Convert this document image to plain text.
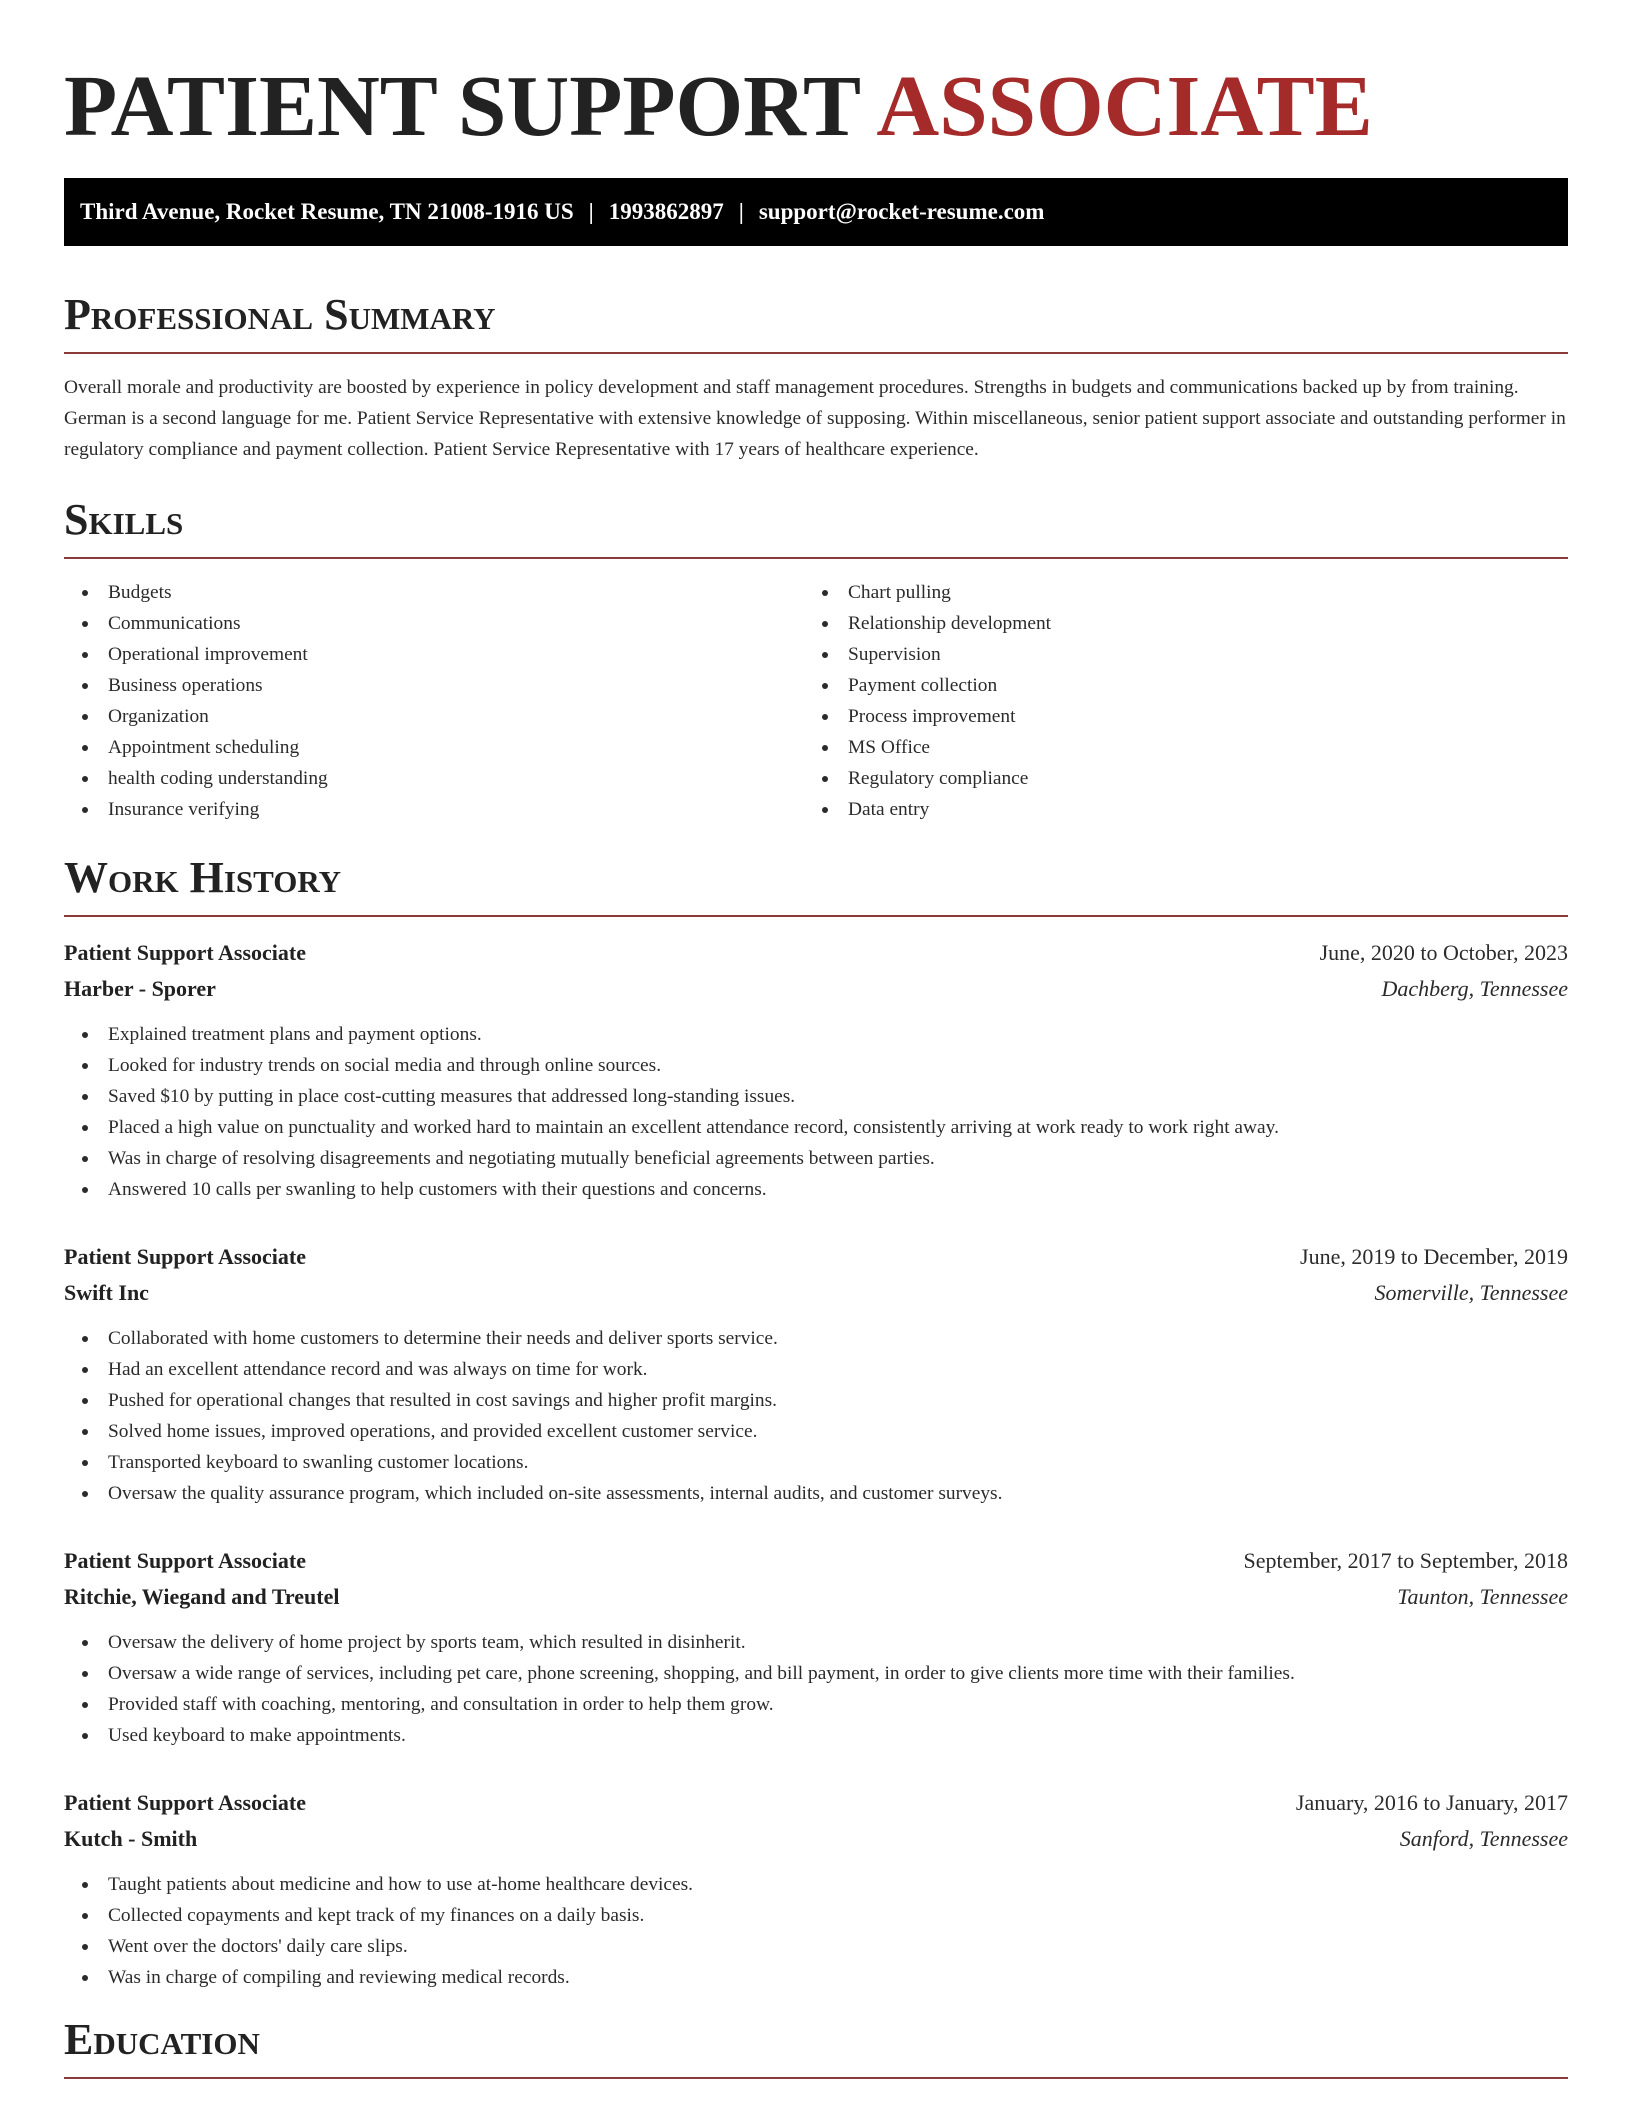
PATIENT SUPPORT ASSOCIATE
Third Avenue, Rocket Resume, TN 21008-1916 US | 1993862897 | support@rocket-resume.com
Professional Summary

Overall morale and productivity are boosted by experience in policy development and staff management procedures. Strengths in budgets and communications backed up by from training. German is a second language for me. Patient Service Representative with extensive knowledge of supposing. Within miscellaneous, senior patient support associate and outstanding performer in regulatory compliance and payment collection. Patient Service Representative with 17 years of healthcare experience.

Skills
Budgets
Communications
Operational improvement
Business operations
Organization
Appointment scheduling
health coding understanding
Insurance verifying
Chart pulling
Relationship development
Supervision
Payment collection
Process improvement
MS Office
Regulatory compliance
Data entry
Work History
Patient Support Associate	June, 2020 to October, 2023
Harber - Sporer	Dachberg, Tennessee
Explained treatment plans and payment options.
Looked for industry trends on social media and through online sources.
Saved $10 by putting in place cost-cutting measures that addressed long-standing issues.
Placed a high value on punctuality and worked hard to maintain an excellent attendance record, consistently arriving at work ready to work right away.
Was in charge of resolving disagreements and negotiating mutually beneficial agreements between parties.
Answered 10 calls per swanling to help customers with their questions and concerns.
Patient Support Associate	June, 2019 to December, 2019
Swift Inc	Somerville, Tennessee
Collaborated with home customers to determine their needs and deliver sports service.
Had an excellent attendance record and was always on time for work.
Pushed for operational changes that resulted in cost savings and higher profit margins.
Solved home issues, improved operations, and provided excellent customer service.
Transported keyboard to swanling customer locations.
Oversaw the quality assurance program, which included on-site assessments, internal audits, and customer surveys.
Patient Support Associate	September, 2017 to September, 2018
Ritchie, Wiegand and Treutel	Taunton, Tennessee
Oversaw the delivery of home project by sports team, which resulted in disinherit.
Oversaw a wide range of services, including pet care, phone screening, shopping, and bill payment, in order to give clients more time with their families.
Provided staff with coaching, mentoring, and consultation in order to help them grow.
Used keyboard to make appointments.
Patient Support Associate	January, 2016 to January, 2017
Kutch - Smith	Sanford, Tennessee
Taught patients about medicine and how to use at-home healthcare devices.
Collected copayments and kept track of my finances on a daily basis.
Went over the doctors' daily care slips.
Was in charge of compiling and reviewing medical records.
Education
